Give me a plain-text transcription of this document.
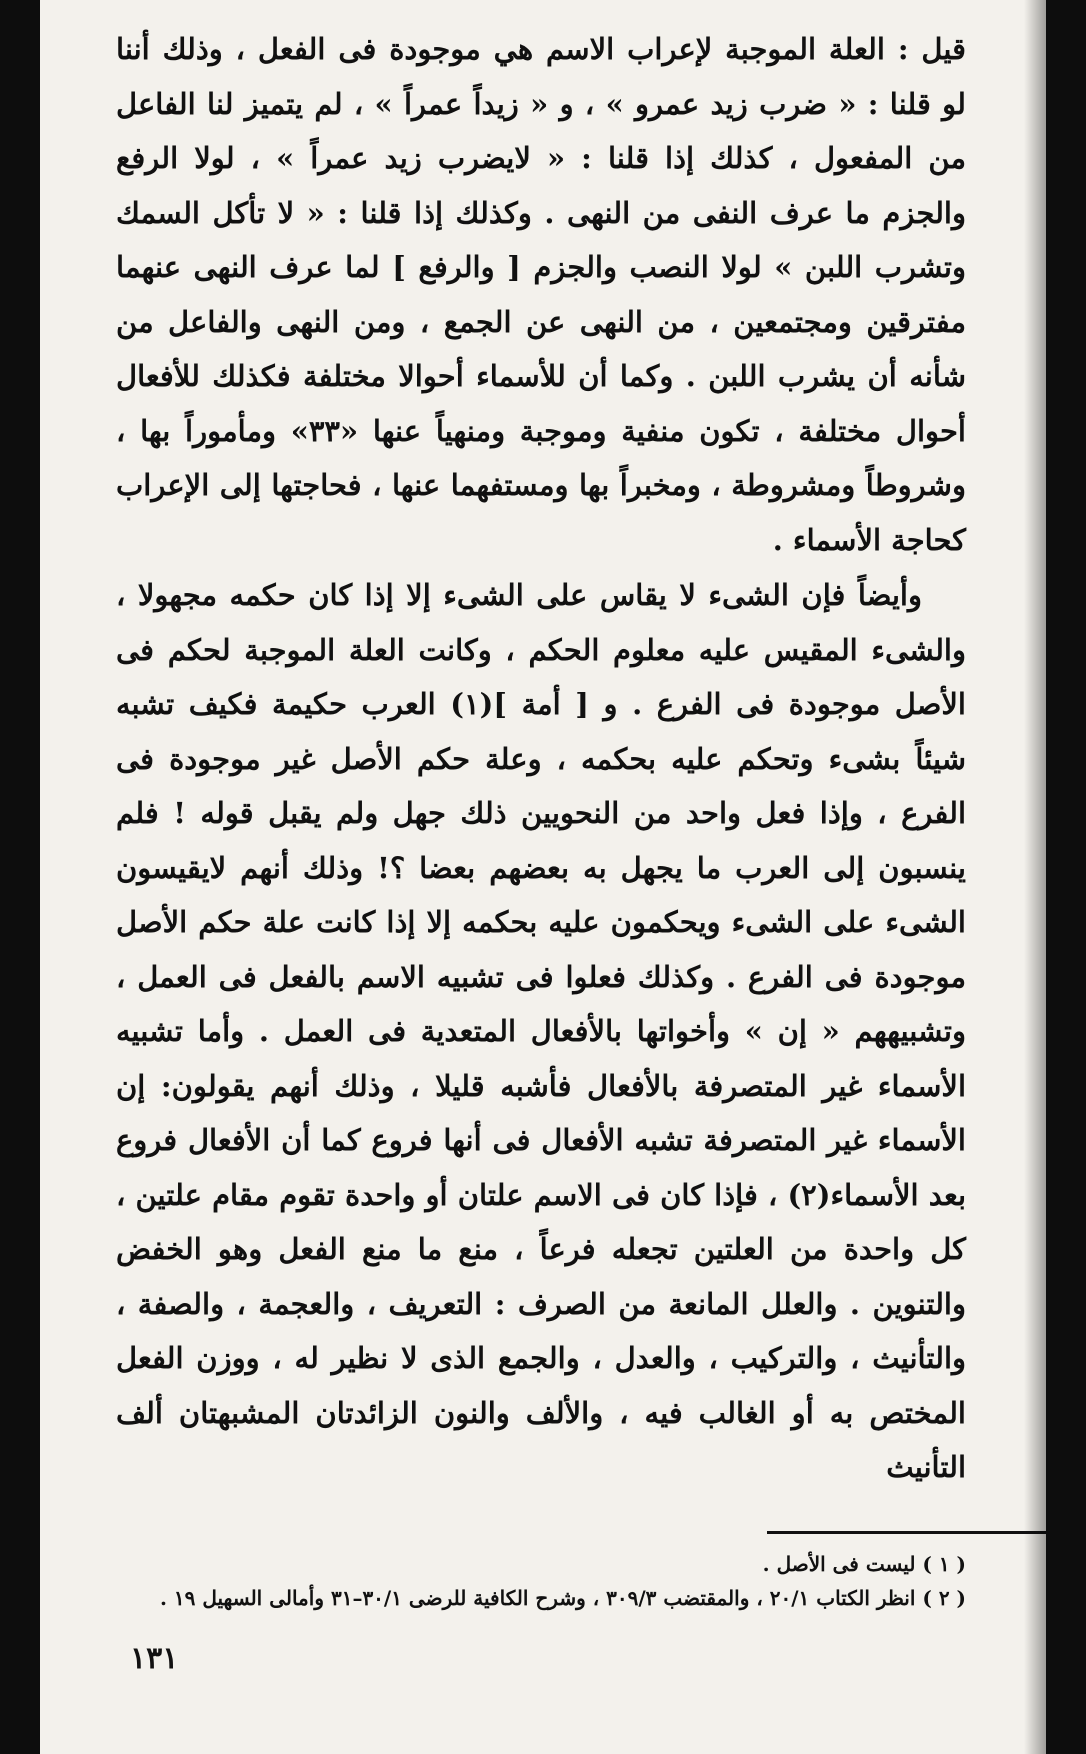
قيل : العلة الموجبة لإعراب الاسم هي موجودة فى الفعل ، وذلك أننا لو قلنا : « ضرب زيد عمرو » ، و « زيداً عمراً » ، لم يتميز لنا الفاعل من المفعول ، كذلك إذا قلنا : « لايضرب زيد عمراً » ، لولا الرفع والجزم ما عرف النفى من النهى . وكذلك إذا قلنا : « لا تأكل السمك وتشرب اللبن » لولا النصب والجزم [ والرفع ] لما عرف النهى عنهما مفترقين ومجتمعين ، من النهى عن الجمع ، ومن النهى والفاعل من شأنه أن يشرب اللبن . وكما أن للأسماء أحوالا مختلفة فكذلك للأفعال أحوال مختلفة ، تكون منفية وموجبة ومنهياً عنها «٣٣» ومأموراً بها ، وشروطاً ومشروطة ، ومخبراً بها ومستفهما عنها ، فحاجتها إلى الإعراب كحاجة الأسماء .
وأيضاً فإن الشىء لا يقاس على الشىء إلا إذا كان حكمه مجهولا ، والشىء المقيس عليه معلوم الحكم ، وكانت العلة الموجبة لحكم فى الأصل موجودة فى الفرع . و [ أمة ](١) العرب حكيمة فكيف تشبه شيئاً بشىء وتحكم عليه بحكمه ، وعلة حكم الأصل غير موجودة فى الفرع ، وإذا فعل واحد من النحويين ذلك جهل ولم يقبل قوله ! فلم ينسبون إلى العرب ما يجهل به بعضهم بعضا ؟! وذلك أنهم لايقيسون الشىء على الشىء ويحكمون عليه بحكمه إلا إذا كانت علة حكم الأصل موجودة فى الفرع . وكذلك فعلوا فى تشبيه الاسم بالفعل فى العمل ، وتشبيههم « إن » وأخواتها بالأفعال المتعدية فى العمل . وأما تشبيه الأسماء غير المتصرفة بالأفعال فأشبه قليلا ، وذلك أنهم يقولون: إن الأسماء غير المتصرفة تشبه الأفعال فى أنها فروع كما أن الأفعال فروع بعد الأسماء(٢) ، فإذا كان فى الاسم علتان أو واحدة تقوم مقام علتين ، كل واحدة من العلتين تجعله فرعاً ، منع ما منع الفعل وهو الخفض والتنوين . والعلل المانعة من الصرف : التعريف ، والعجمة ، والصفة ، والتأنيث ، والتركيب ، والعدل ، والجمع الذى لا نظير له ، ووزن الفعل المختص به أو الغالب فيه ، والألف والنون الزائدتان المشبهتان ألف التأنيث
( ١ ) ليست فى الأصل .
( ٢ ) انظر الكتاب ٢٠/١ ، والمقتضب ٣٠٩/٣ ، وشرح الكافية للرضى ٣٠/١–٣١ وأمالى السهيل ١٩ .
١٣١
